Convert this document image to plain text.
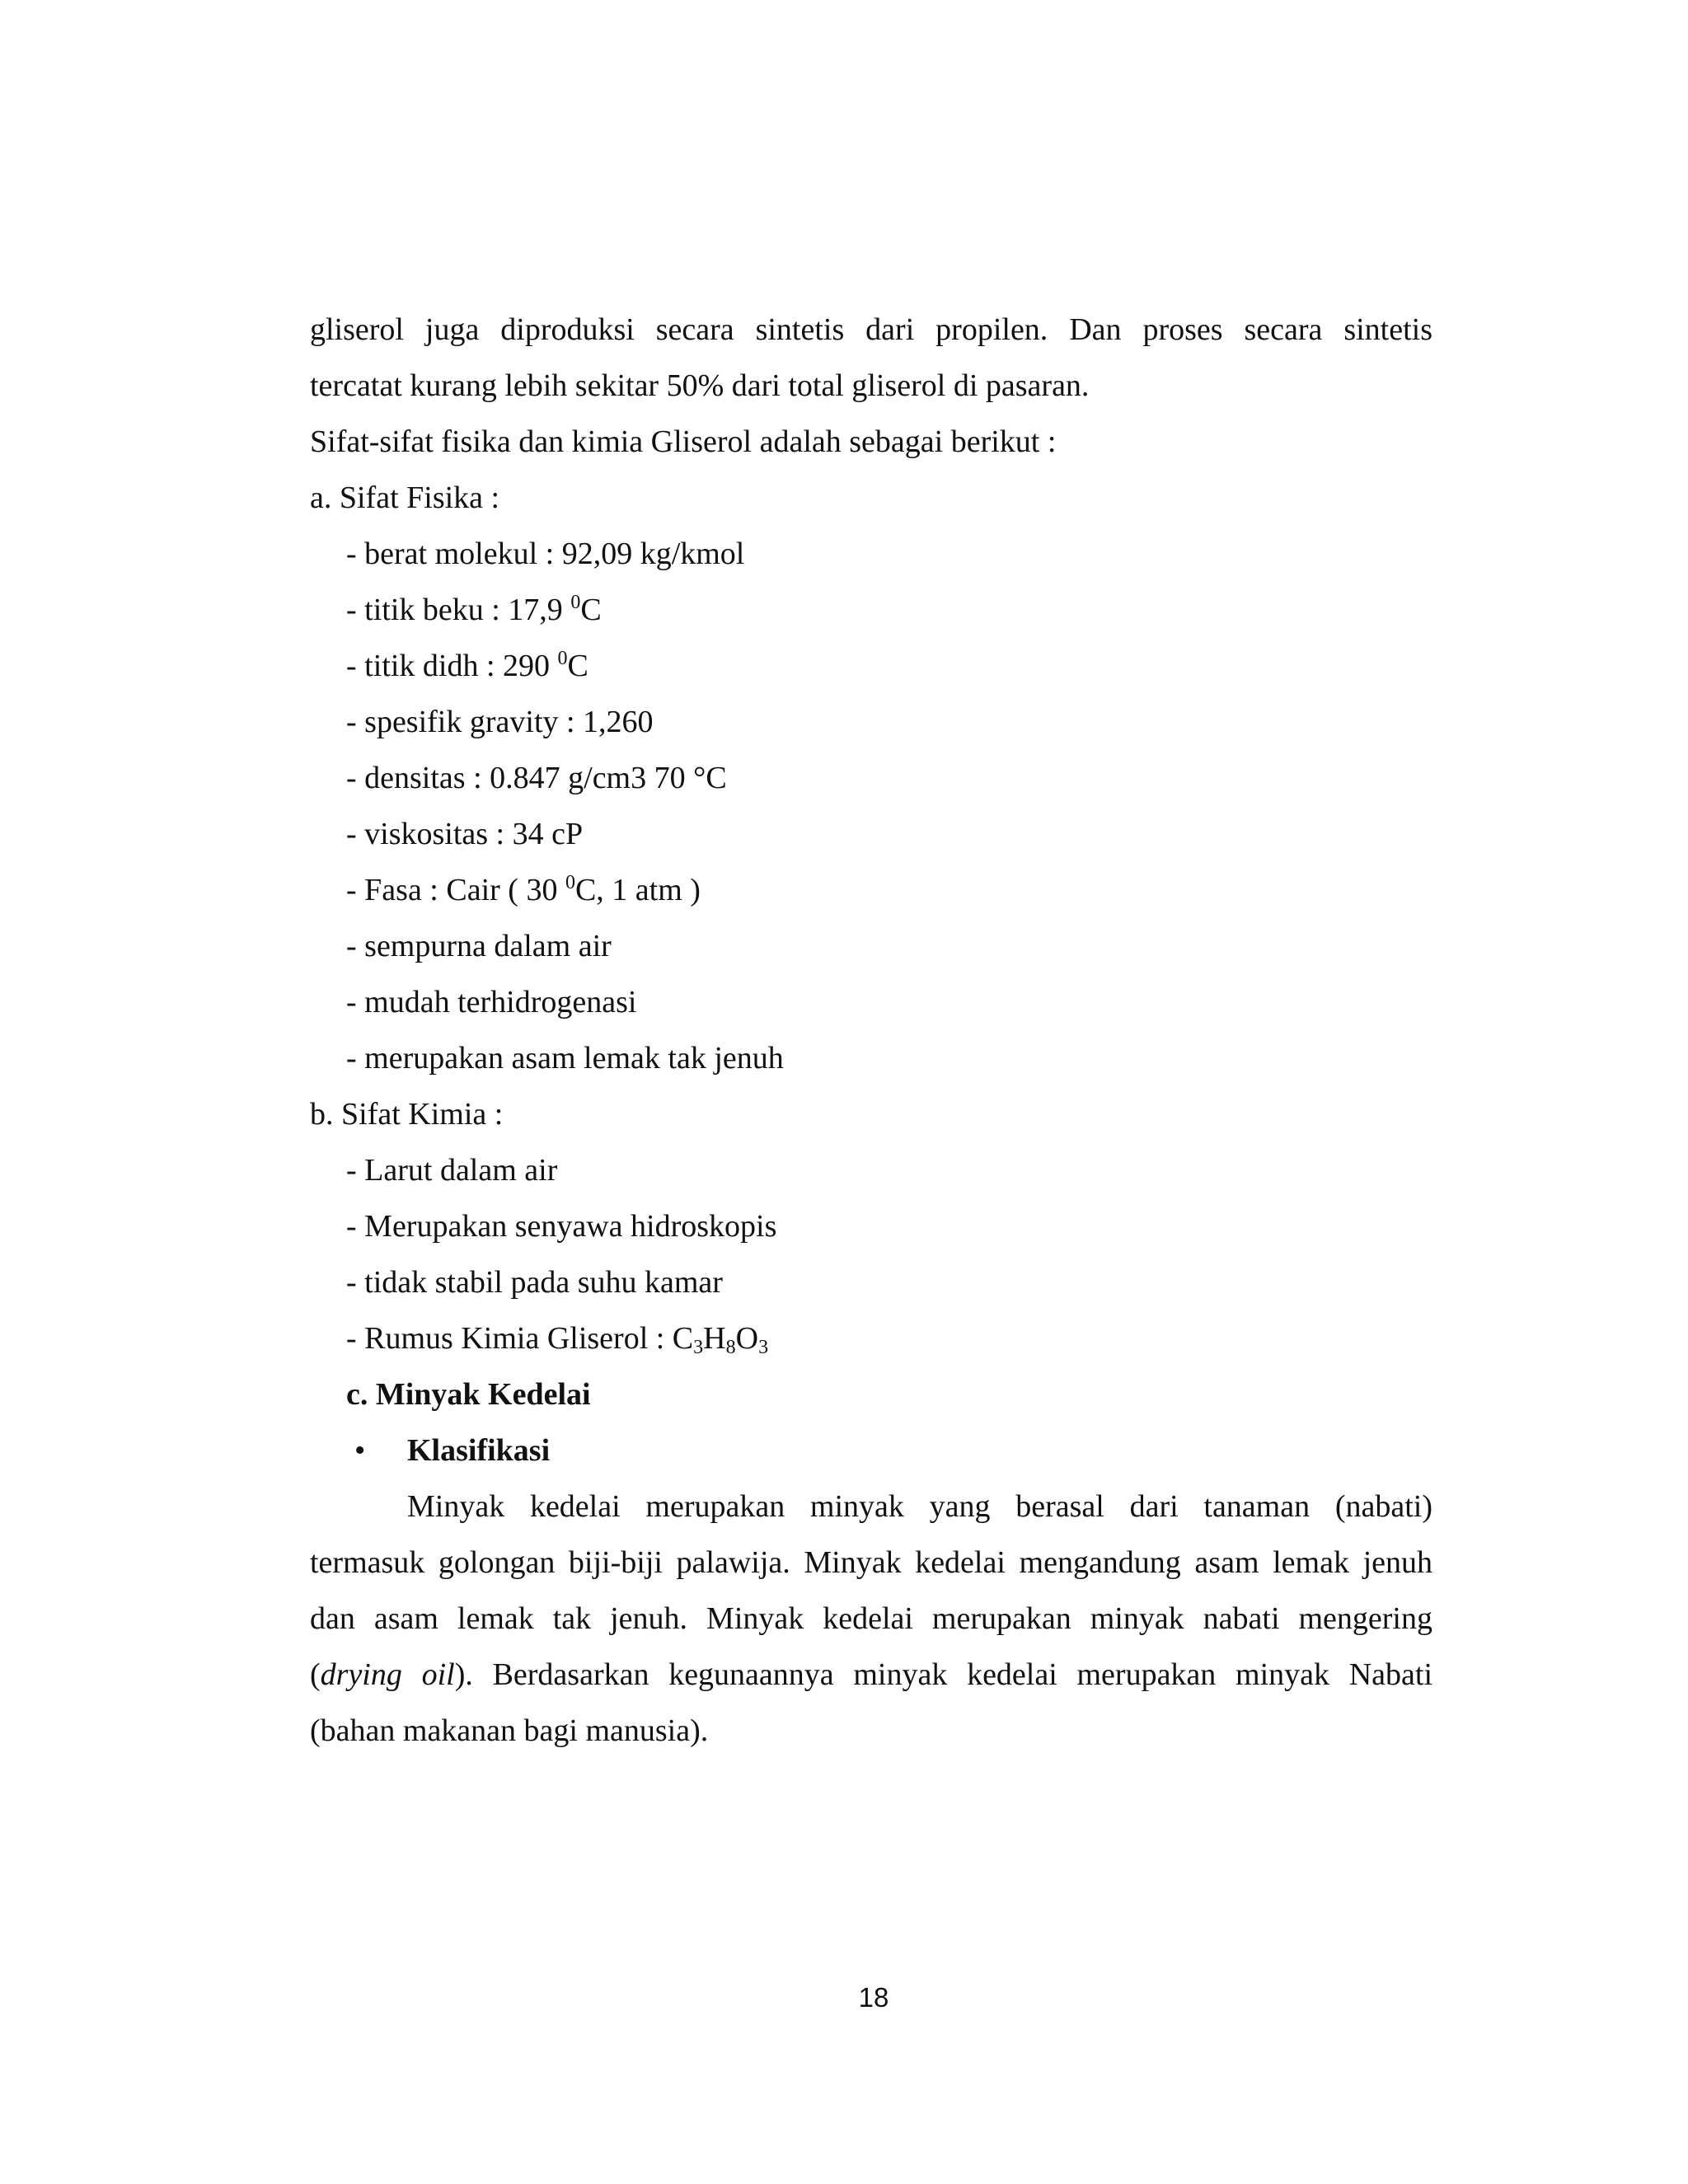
gliserol juga diproduksi secara sintetis dari propilen. Dan proses secara sintetis
tercatat kurang lebih sekitar 50% dari total gliserol di pasaran.
Sifat-sifat fisika dan kimia Gliserol adalah sebagai berikut :
a. Sifat Fisika :
- berat molekul : 92,09 kg/kmol
- titik beku : 17,9 $^0$C
- titik didh : 290 $^0$C
- spesifik gravity : 1,260
- densitas : 0.847 g/cm3 70 °C
- viskositas : 34 cP
- Fasa : Cair ( 30 $^0$C, 1 atm )
- sempurna dalam air
- mudah terhidrogenasi
- merupakan asam lemak tak jenuh
b. Sifat Kimia :
- Larut dalam air
- Merupakan senyawa hidroskopis
- tidak stabil pada suhu kamar
- Rumus Kimia Gliserol : $C_3H_8O_3$
c. Minyak Kedelai
• Klasifikasi
Minyak kedelai merupakan minyak yang berasal dari tanaman (nabati)
termasuk golongan biji-biji palawija. Minyak kedelai mengandung asam lemak jenuh
dan asam lemak tak jenuh. Minyak kedelai merupakan minyak nabati mengering
(drying oil). Berdasarkan kegunaannya minyak kedelai merupakan minyak Nabati
(bahan makanan bagi manusia).
18
